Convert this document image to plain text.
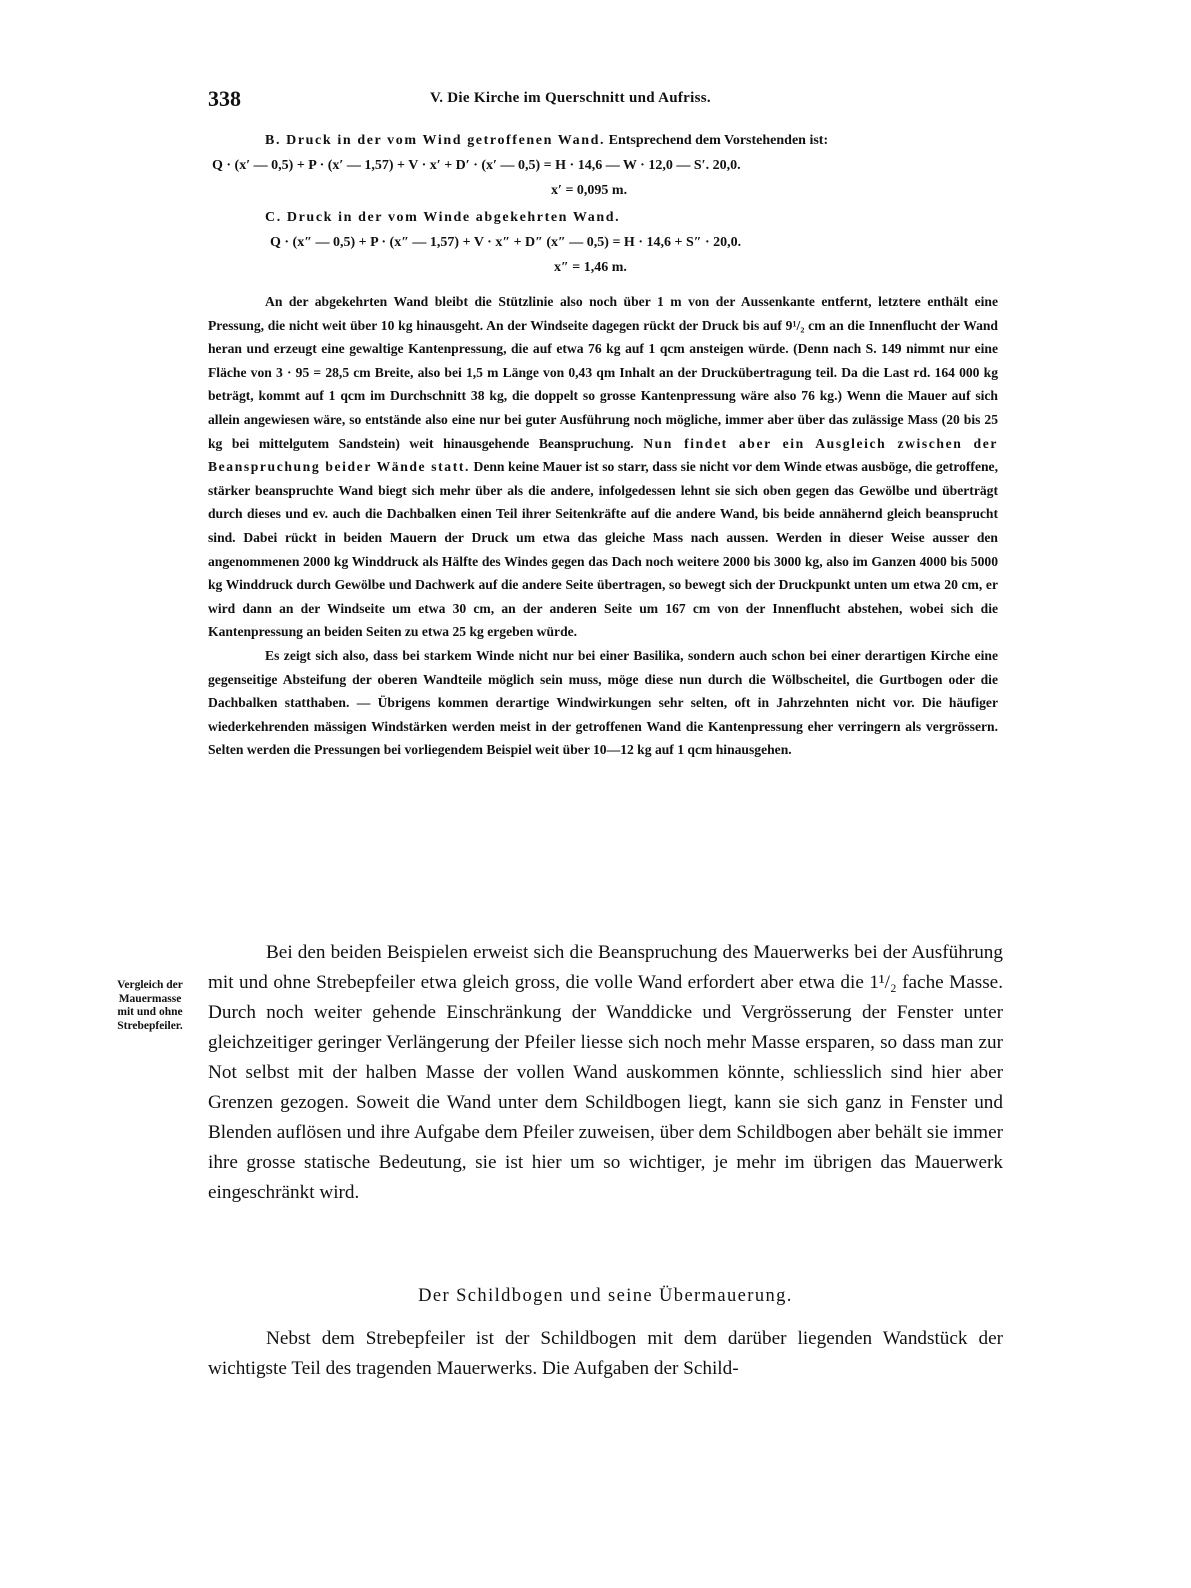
338	V. Die Kirche im Querschnitt und Aufriss.
B. Druck in der vom Wind getroffenen Wand. Entsprechend dem Vorstehenden ist:
Q · (x′ — 0,5) + P · (x′ — 1,57) + V · x′ + D′ · (x′ — 0,5) = H · 14,6 — W · 12,0 — S′. 20,0.
x′ = 0,095 m.
C. Druck in der vom Winde abgekehrten Wand.
Q · (x″ — 0,5) + P · (x″ — 1,57) + V · x″ + D″ (x″ — 0,5) = H · 14,6 + S″ · 20,0.
x″ = 1,46 m.

An der abgekehrten Wand bleibt die Stützlinie also noch über 1 m von der Aussenkante entfernt, letztere enthält eine Pressung, die nicht weit über 10 kg hinausgeht. An der Windseite dagegen rückt der Druck bis auf 9¹/₂ cm an die Innenflucht der Wand heran und erzeugt eine gewaltige Kantenpressung, die auf etwa 76 kg auf 1 qcm ansteigen würde. (Denn nach S. 149 nimmt nur eine Fläche von 3 · 95 = 28,5 cm Breite, also bei 1,5 m Länge von 0,43 qm Inhalt an der Druckübertragung teil. Da die Last rd. 164 000 kg beträgt, kommt auf 1 qcm im Durchschnitt 38 kg, die doppelt so grosse Kantenpressung wäre also 76 kg.) Wenn die Mauer auf sich allein angewiesen wäre, so entstände also eine nur bei guter Ausführung noch mögliche, immer aber über das zulässige Mass (20 bis 25 kg bei mittelgutem Sandstein) weit hinausgehende Beanspruchung. Nun findet aber ein Ausgleich zwischen der Beanspruchung beider Wände statt. Denn keine Mauer ist so starr, dass sie nicht vor dem Winde etwas ausböge, die getroffene, stärker beanspruchte Wand biegt sich mehr über als die andere, infolgedessen lehnt sie sich oben gegen das Gewölbe und überträgt durch dieses und ev. auch die Dachbalken einen Teil ihrer Seitenkräfte auf die andere Wand, bis beide annähernd gleich beansprucht sind. Dabei rückt in beiden Mauern der Druck um etwa das gleiche Mass nach aussen. Werden in dieser Weise ausser den angenommenen 2000 kg Winddruck als Hälfte des Windes gegen das Dach noch weitere 2000 bis 3000 kg, also im Ganzen 4000 bis 5000 kg Winddruck durch Gewölbe und Dachwerk auf die andere Seite übertragen, so bewegt sich der Druckpunkt unten um etwa 20 cm, er wird dann an der Windseite um etwa 30 cm, an der anderen Seite um 167 cm von der Innenflucht abstehen, wobei sich die Kantenpressung an beiden Seiten zu etwa 25 kg ergeben würde.

Es zeigt sich also, dass bei starkem Winde nicht nur bei einer Basilika, sondern auch schon bei einer derartigen Kirche eine gegenseitige Absteifung der oberen Wandteile möglich sein muss, möge diese nun durch die Wölbscheitel, die Gurtbogen oder die Dachbalken statthaben. — Übrigens kommen derartige Windwirkungen sehr selten, oft in Jahrzehnten nicht vor. Die häufiger wiederkehrenden mässigen Windstärken werden meist in der getroffenen Wand die Kantenpressung eher verringern als vergrössern. Selten werden die Pressungen bei vorliegendem Beispiel weit über 10—12 kg auf 1 qcm hinausgehen.

Vergleich der Mauermasse mit und ohne Strebepfeiler.

Bei den beiden Beispielen erweist sich die Beanspruchung des Mauerwerks bei der Ausführung mit und ohne Strebepfeiler etwa gleich gross, die volle Wand erfordert aber etwa die 1¹/₂ fache Masse. Durch noch weiter gehende Einschränkung der Wanddicke und Vergrösserung der Fenster unter gleichzeitiger geringer Verlängerung der Pfeiler liesse sich noch mehr Masse ersparen, so dass man zur Not selbst mit der halben Masse der vollen Wand auskommen könnte, schliesslich sind hier aber Grenzen gezogen. Soweit die Wand unter dem Schildbogen liegt, kann sie sich ganz in Fenster und Blenden auflösen und ihre Aufgabe dem Pfeiler zuweisen, über dem Schildbogen aber behält sie immer ihre grosse statische Bedeutung, sie ist hier um so wichtiger, je mehr im übrigen das Mauerwerk eingeschränkt wird.

Der Schildbogen und seine Übermauerung.

Nebst dem Strebepfeiler ist der Schildbogen mit dem darüber liegenden Wandstück der wichtigste Teil des tragenden Mauerwerks. Die Aufgaben der Schild-
